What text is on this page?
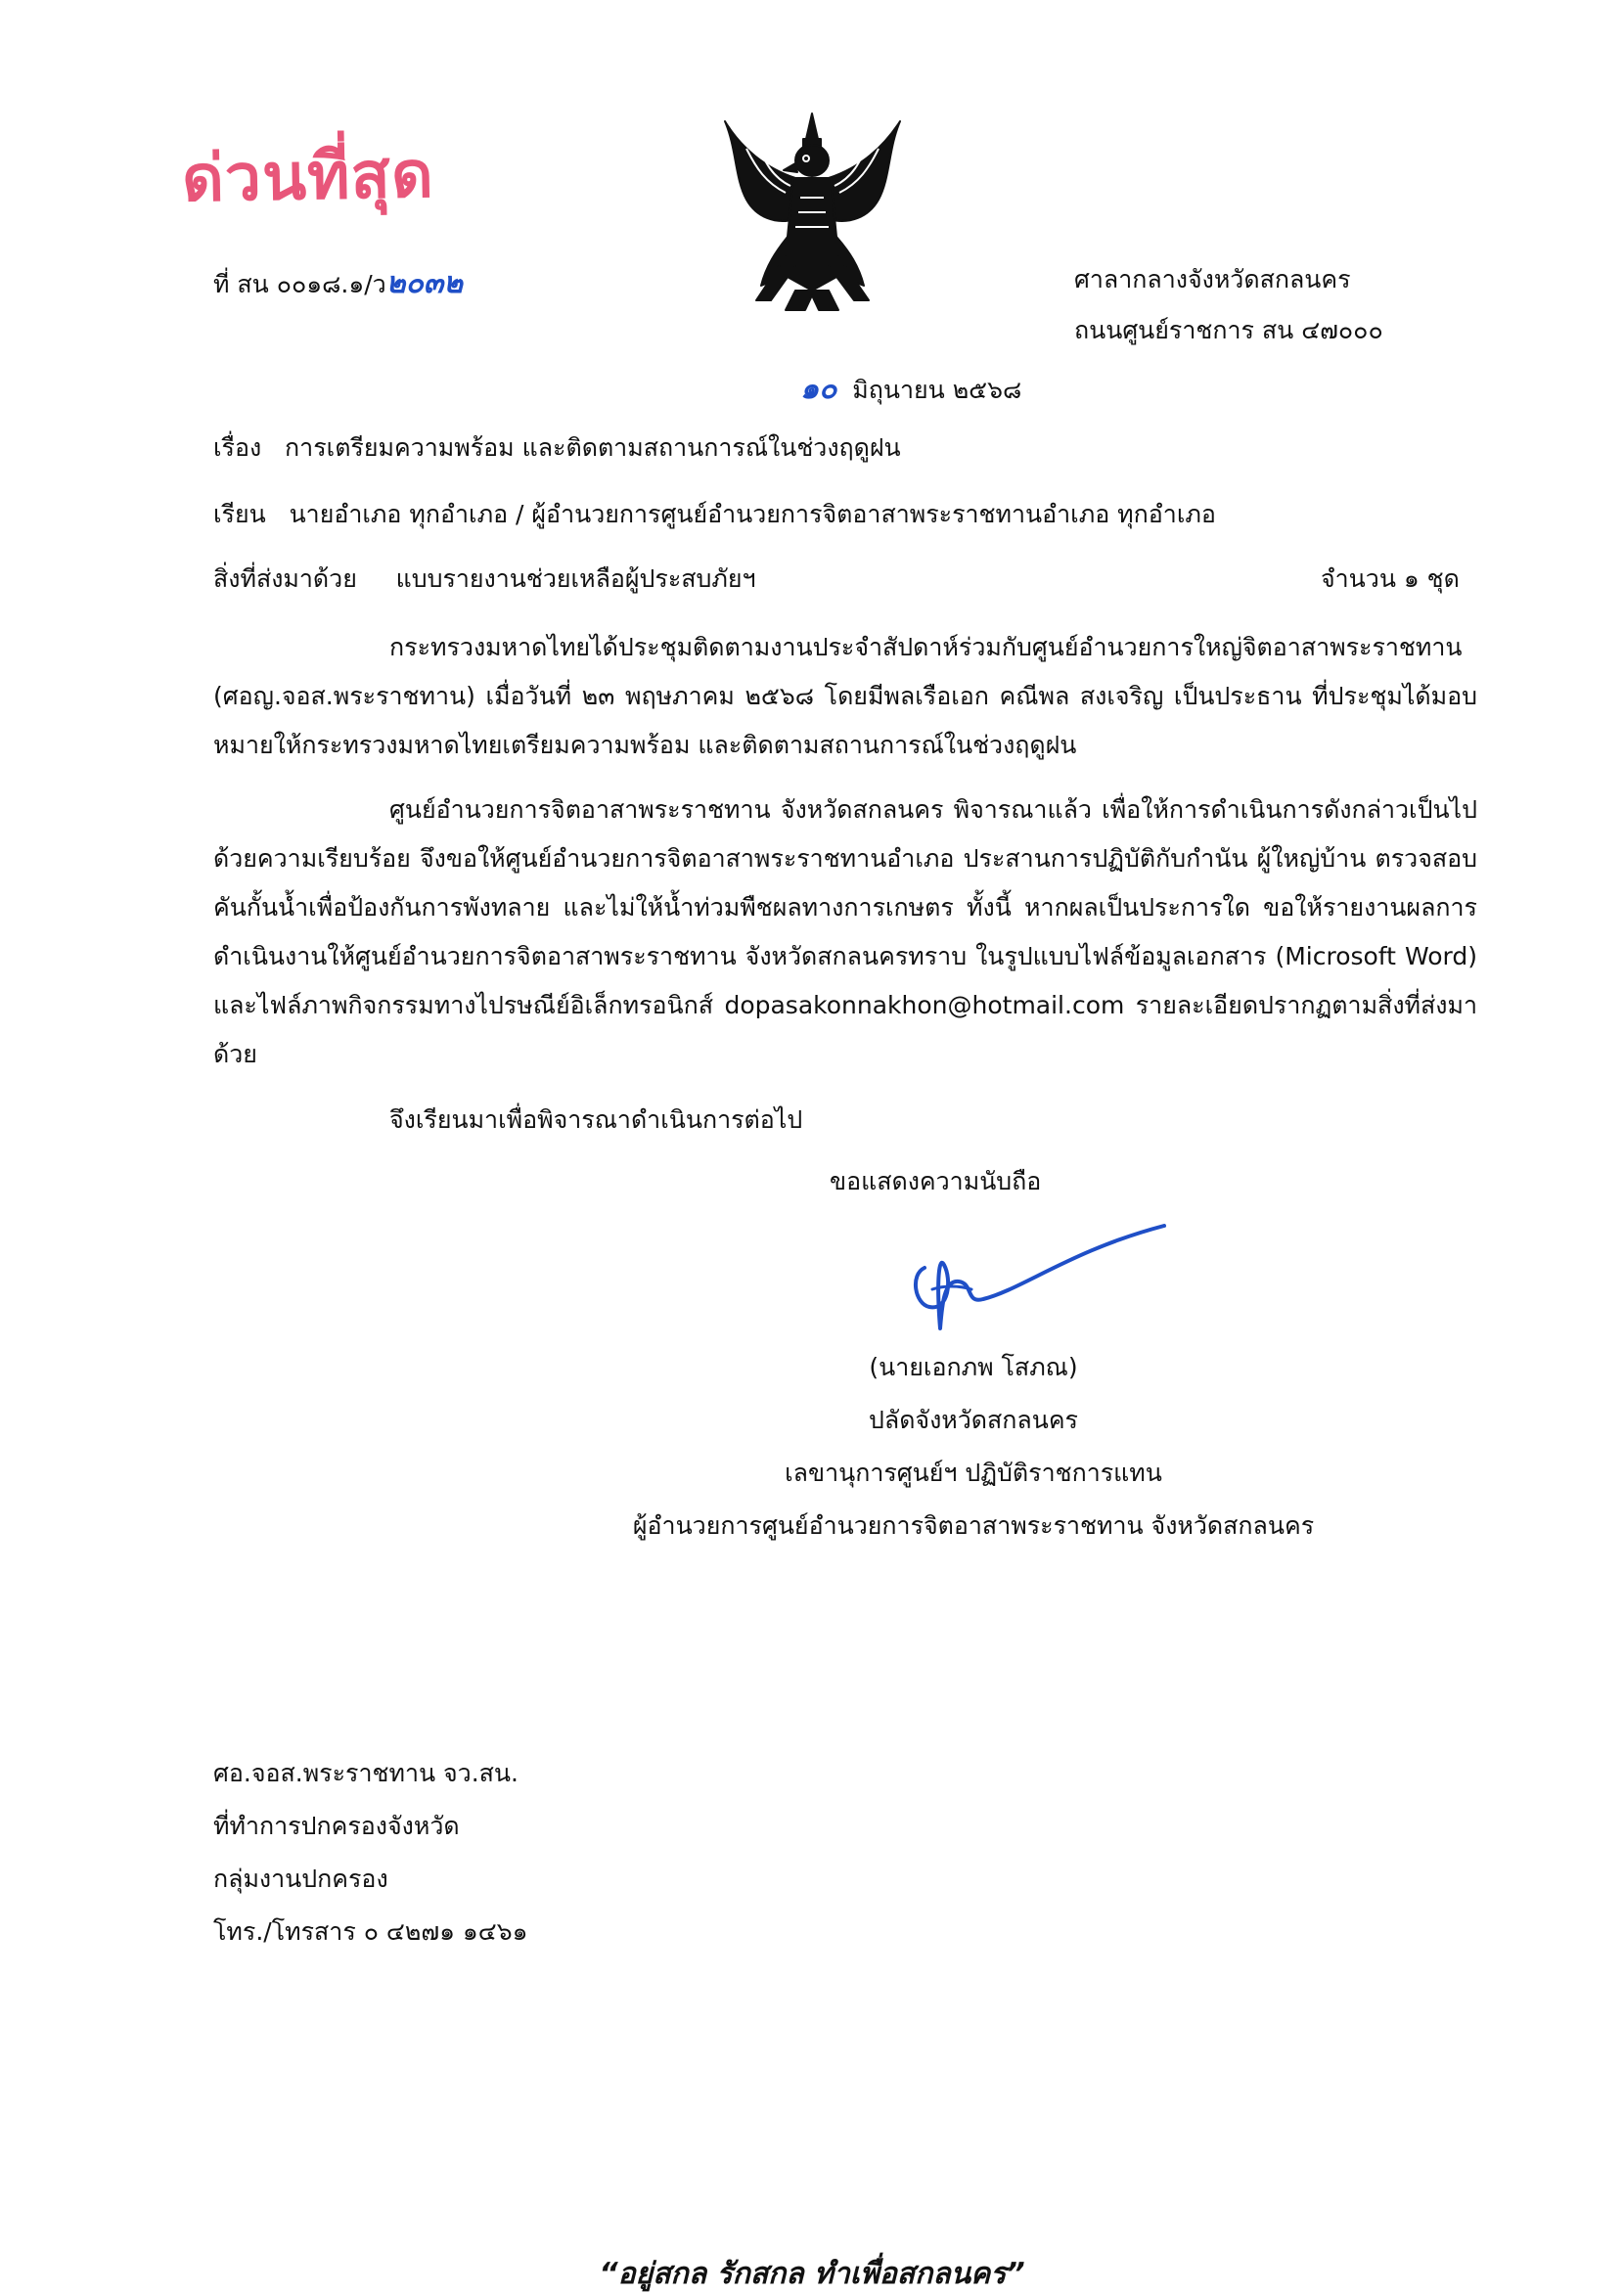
ด่วนที่สุด
ที่ สน ๐๐๑๘.๑/ว๒๐๓๒	ศาลากลางจังหวัดสกลนคร
ถนนศูนย์ราชการ สน ๔๗๐๐๐
๑๐ มิถุนายน ๒๕๖๘
เรื่อง การเตรียมความพร้อม และติดตามสถานการณ์ในช่วงฤดูฝน
เรียน นายอำเภอ ทุกอำเภอ / ผู้อำนวยการศูนย์อำนวยการจิตอาสาพระราชทานอำเภอ ทุกอำเภอ
สิ่งที่ส่งมาด้วย แบบรายงานช่วยเหลือผู้ประสบภัยฯ	จำนวน ๑ ชุด
กระทรวงมหาดไทยได้ประชุมติดตามงานประจำสัปดาห์ร่วมกับศูนย์อำนวยการใหญ่จิตอาสาพระราชทาน (ศอญ.จอส.พระราชทาน) เมื่อวันที่ ๒๓ พฤษภาคม ๒๕๖๘ โดยมีพลเรือเอก คณีพล สงเจริญ เป็นประธาน ที่ประชุมได้มอบหมายให้กระทรวงมหาดไทยเตรียมความพร้อม และติดตามสถานการณ์ในช่วงฤดูฝน
ศูนย์อำนวยการจิตอาสาพระราชทาน จังหวัดสกลนคร พิจารณาแล้ว เพื่อให้การดำเนินการดังกล่าวเป็นไปด้วยความเรียบร้อย จึงขอให้ศูนย์อำนวยการจิตอาสาพระราชทานอำเภอ ประสานการปฏิบัติกับกำนัน ผู้ใหญ่บ้าน ตรวจสอบคันกั้นน้ำเพื่อป้องกันการพังทลาย และไม่ให้น้ำท่วมพืชผลทางการเกษตร ทั้งนี้ หากผลเป็นประการใด ขอให้รายงานผลการดำเนินงานให้ศูนย์อำนวยการจิตอาสาพระราชทาน จังหวัดสกลนครทราบ ในรูปแบบไฟล์ข้อมูลเอกสาร (Microsoft Word) และไฟล์ภาพกิจกรรมทางไปรษณีย์อิเล็กทรอนิกส์ dopasakonnakhon@hotmail.com รายละเอียดปรากฏตามสิ่งที่ส่งมาด้วย
จึงเรียนมาเพื่อพิจารณาดำเนินการต่อไป
ขอแสดงความนับถือ
(นายเอกภพ โสภณ)
ปลัดจังหวัดสกลนคร
เลขานุการศูนย์ฯ ปฏิบัติราชการแทน
ผู้อำนวยการศูนย์อำนวยการจิตอาสาพระราชทาน จังหวัดสกลนคร
ศอ.จอส.พระราชทาน จว.สน.
ที่ทำการปกครองจังหวัด
กลุ่มงานปกครอง
โทร./โทรสาร ๐ ๔๒๗๑ ๑๔๖๑
“อยู่สกล รักสกล ทำเพื่อสกลนคร”
